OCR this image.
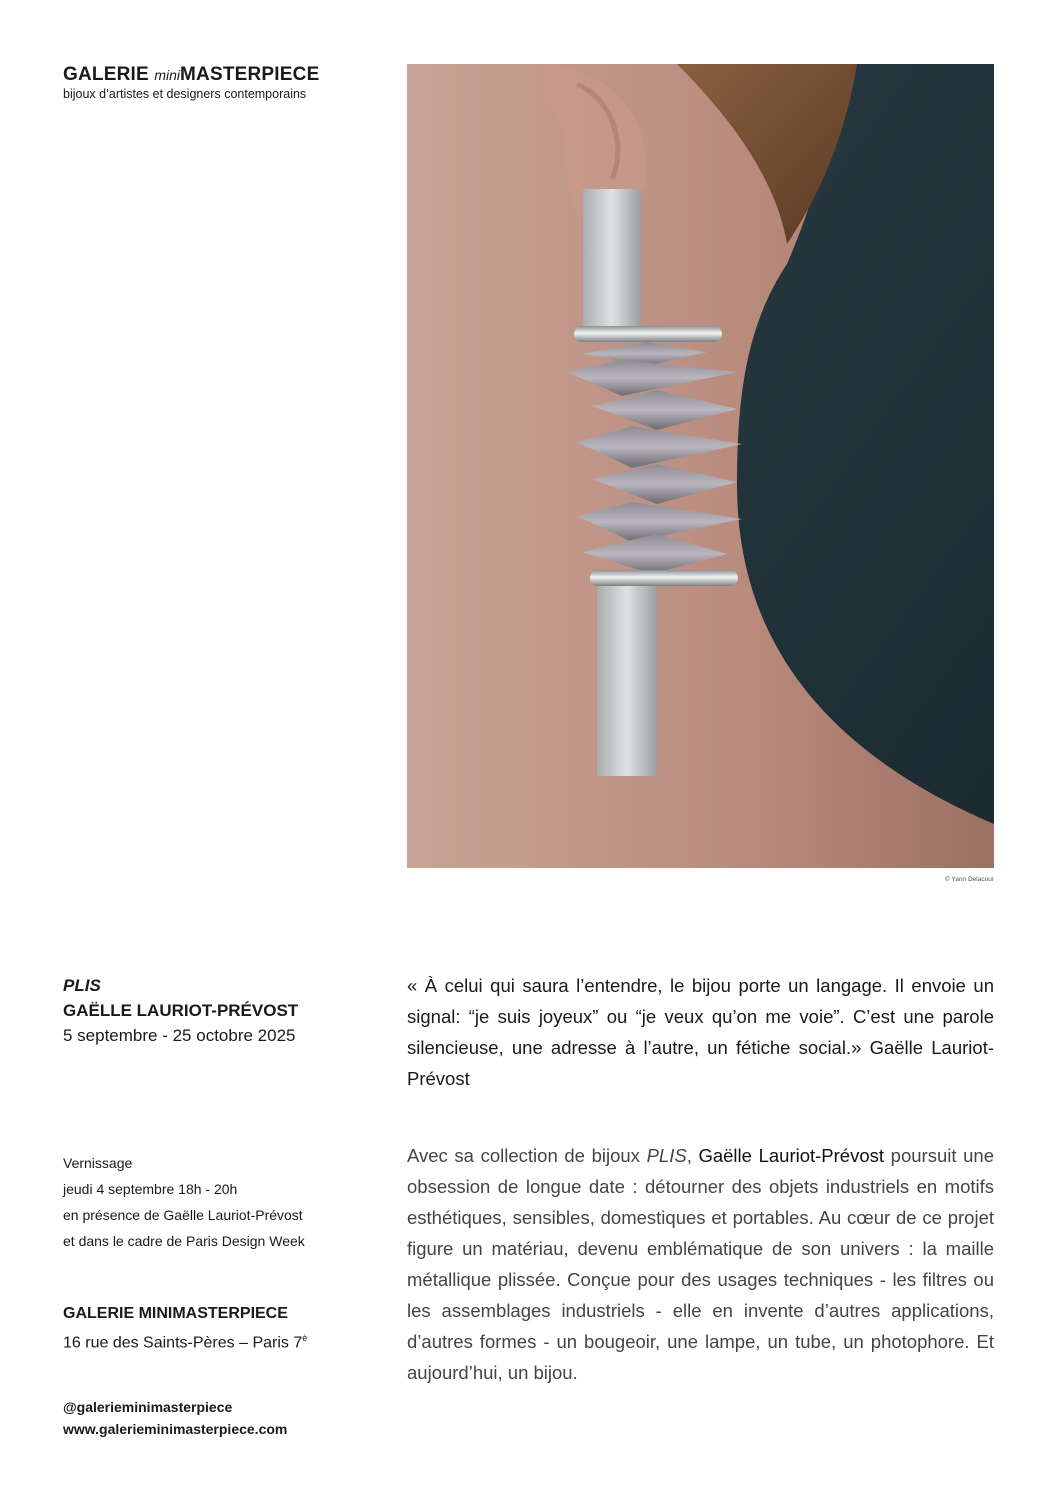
GALERIE miniMASTERPIECE
bijoux d’artistes et designers contemporains
© Yann Delacour
PLIS
GAËLLE LAURIOT-PRÉVOST
5 septembre - 25 octobre 2025
Vernissage
jeudi 4 septembre 18h - 20h
en présence de Gaëlle Lauriot-Prévost
et dans le cadre de Paris Design Week
GALERIE MINIMASTERPIECE
16 rue des Saints-Pères – Paris $7^è$
@galerieminimasterpiece
www.galerieminimasterpiece.com
« À celui qui saura l’entendre, le bijou porte un langage. Il envoie un signal: “je suis joyeux” ou “je veux qu’on me voie”. C’est une parole silencieuse, une adresse à l’autre, un fétiche social.» Gaëlle Lauriot-Prévost
Avec sa collection de bijoux PLIS, Gaëlle Lauriot-Prévost poursuit une obsession de longue date : détourner des objets industriels en motifs esthétiques, sensibles, domestiques et portables. Au cœur de ce projet figure un matériau, devenu emblématique de son univers : la maille métallique plissée. Conçue pour des usages techniques - les filtres ou les assemblages industriels - elle en invente d’autres applications, d’autres formes - un bougeoir, une lampe, un tube, un photophore. Et aujourd’hui, un bijou.
